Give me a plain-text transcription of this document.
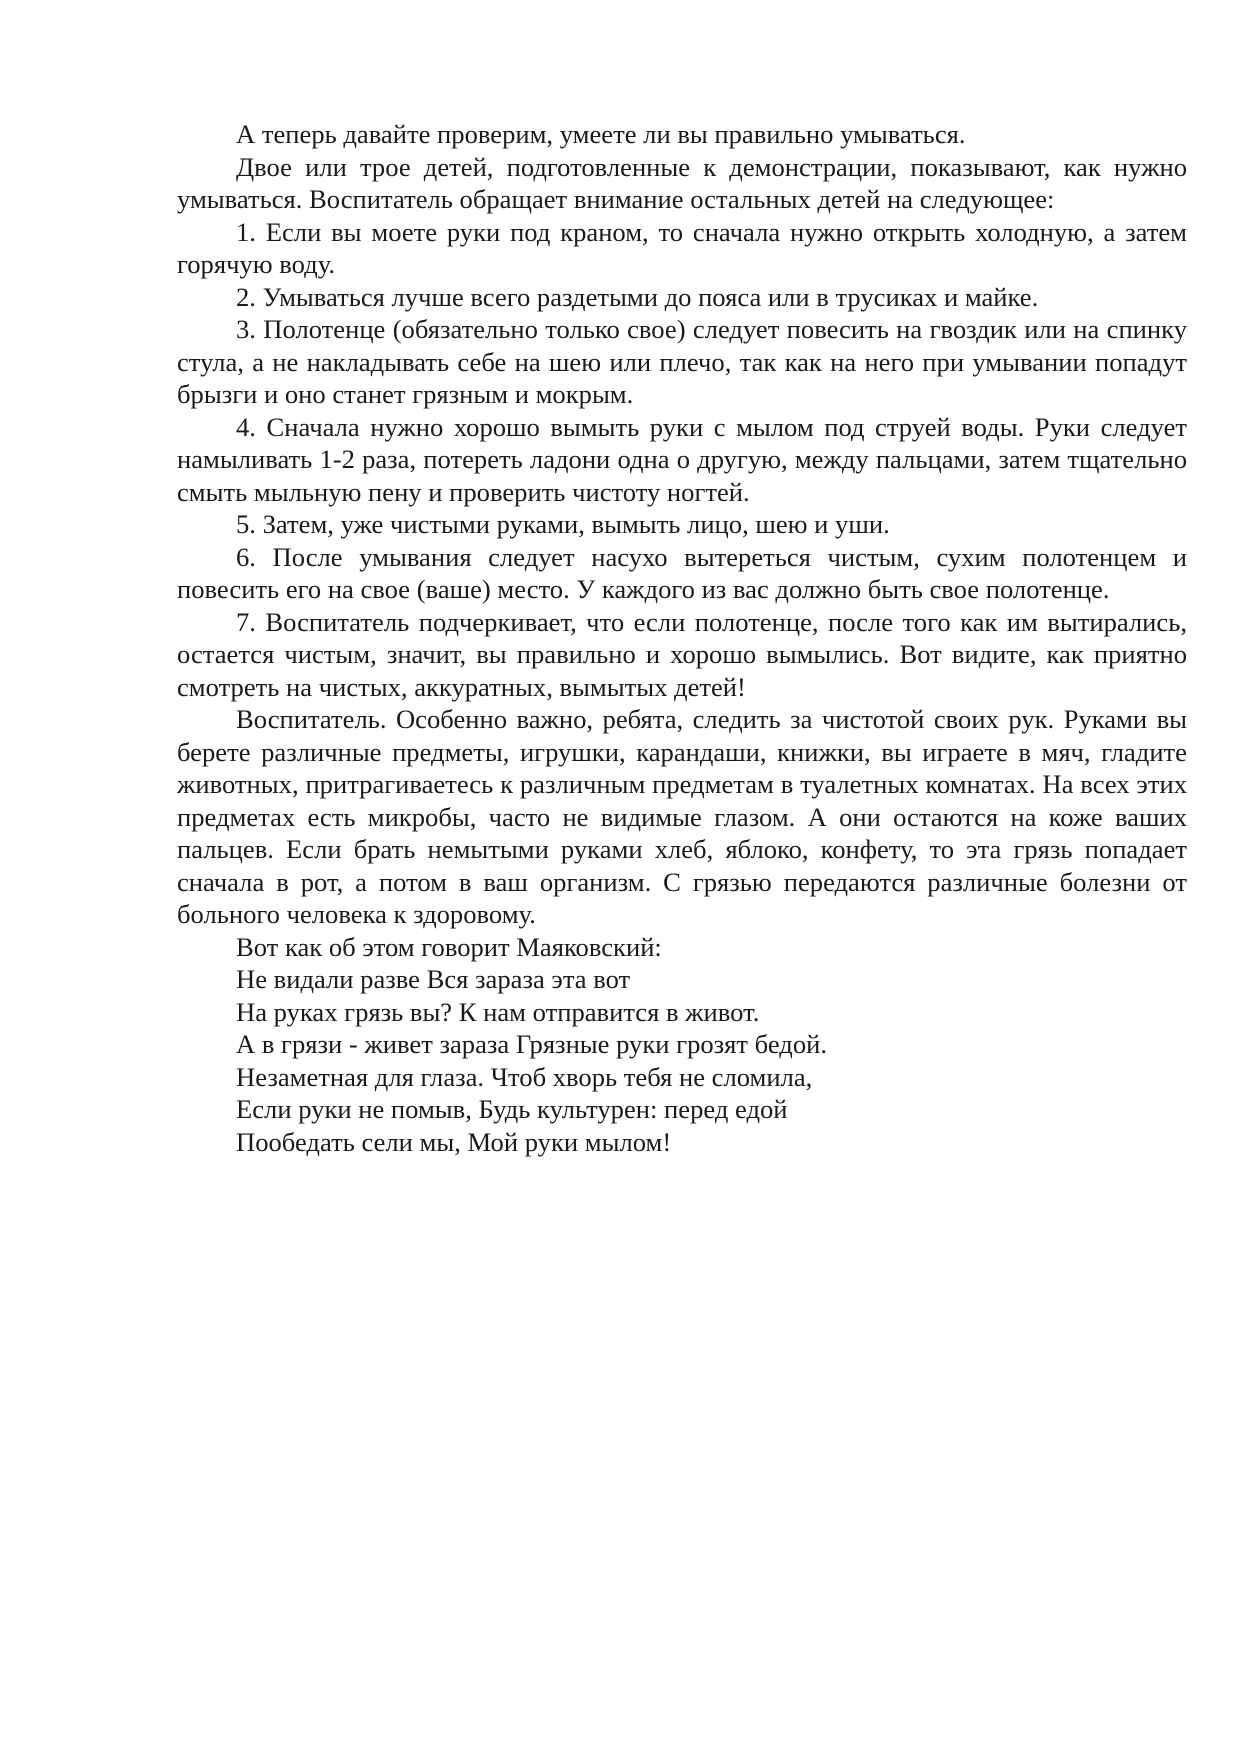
А теперь давайте проверим, умеете ли вы правильно умываться.

Двое или трое детей, подготовленные к демонстрации, показывают, как нужно умываться. Воспитатель обращает внимание остальных детей на следующее:

1. Если вы моете руки под краном, то сначала нужно открыть холодную, а затем горячую воду.

2. Умываться лучше всего раздетыми до пояса или в трусиках и майке.

3. Полотенце (обязательно только свое) следует повесить на гвоздик или на спинку стула, а не накладывать себе на шею или плечо, так как на него при умывании попадут брызги и оно станет грязным и мокрым.

4. Сначала нужно хорошо вымыть руки с мылом под струей воды. Руки следует намыливать 1-2 раза, потереть ладони одна о другую, между пальцами, затем тщательно смыть мыльную пену и проверить чистоту ногтей.

5. Затем, уже чистыми руками, вымыть лицо, шею и уши.

6. После умывания следует насухо вытереться чистым, сухим полотенцем и повесить его на свое (ваше) место. У каждого из вас должно быть свое полотенце.

7. Воспитатель подчеркивает, что если полотенце, после того как им вытирались, остается чистым, значит, вы правильно и хорошо вымылись. Вот видите, как приятно смотреть на чистых, аккуратных, вымытых детей!

Воспитатель. Особенно важно, ребята, следить за чистотой своих рук. Руками вы берете различные предметы, игрушки, карандаши, книжки, вы играете в мяч, гладите животных, притрагиваетесь к различным предметам в туалетных комнатах. На всех этих предметах есть микробы, часто не видимые глазом. А они остаются на коже ваших пальцев. Если брать немытыми руками хлеб, яблоко, конфету, то эта грязь попадает сначала в рот, а потом в ваш организм. С грязью передаются различные болезни от больного человека к здоровому.

Вот как об этом говорит Маяковский:

Не видали разве Вся зараза эта вот

На руках грязь вы? К нам отправится в живот.

А в грязи - живет зараза Грязные руки грозят бедой.

Незаметная для глаза. Чтоб хворь тебя не сломила,

Если руки не помыв, Будь культурен: перед едой

Пообедать сели мы, Мой руки мылом!
